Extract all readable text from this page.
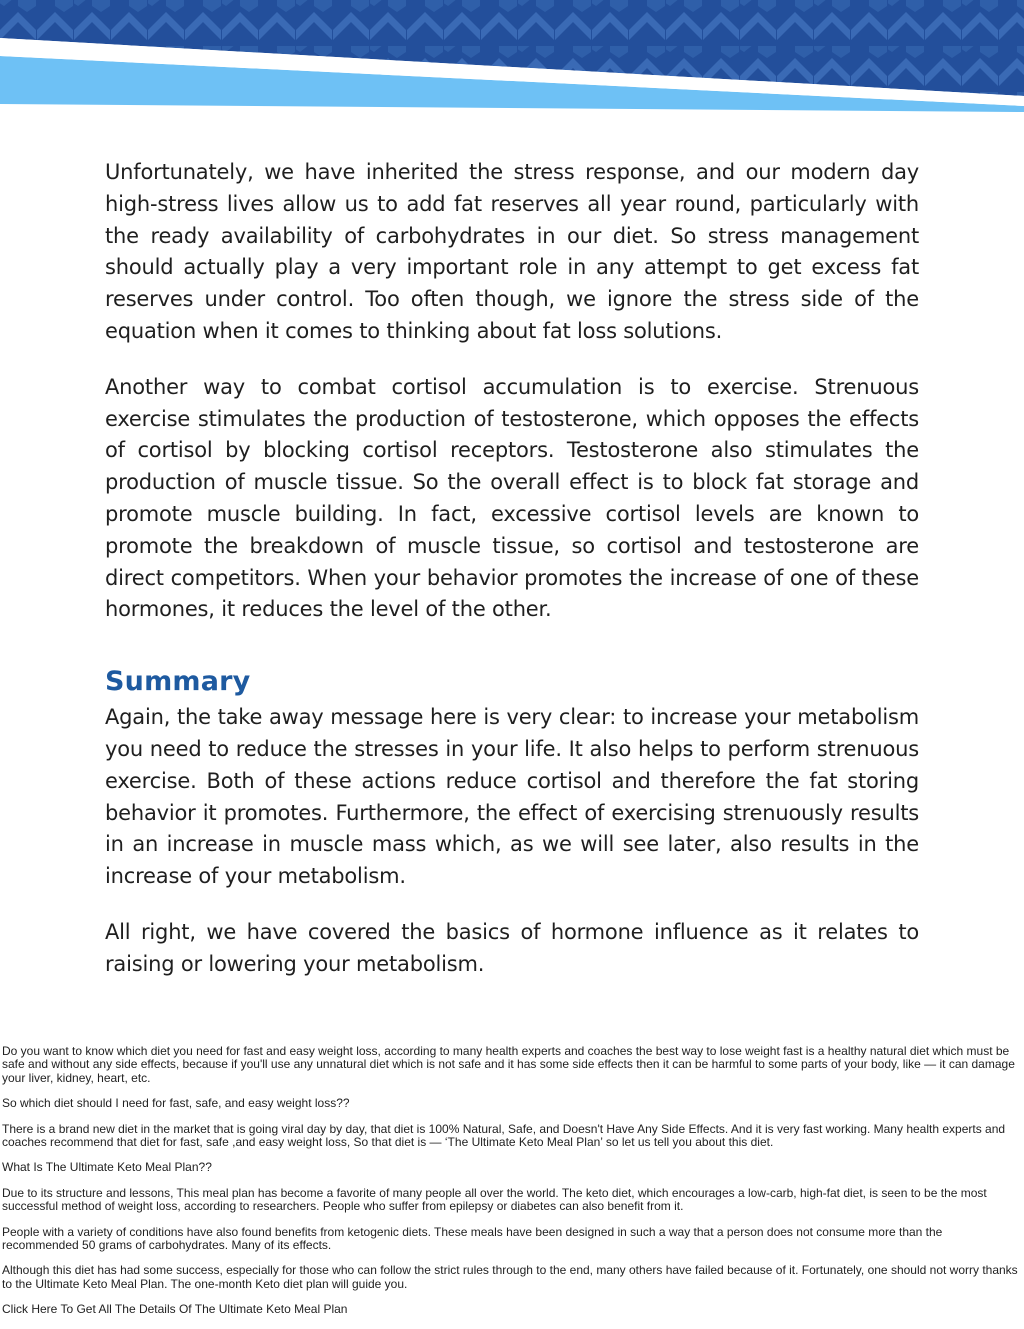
Unfortunately, we have inherited the stress response, and our modern day high-stress lives allow us to add fat reserves all year round, particularly with the ready availability of carbohydrates in our diet. So stress management should actually play a very important role in any attempt to get excess fat reserves under control. Too often though, we ignore the stress side of the equation when it comes to thinking about fat loss solutions.

Another way to combat cortisol accumulation is to exercise. Strenuous exercise stimulates the production of testosterone, which opposes the effects of cortisol by blocking cortisol receptors. Testosterone also stimulates the production of muscle tissue. So the overall effect is to block fat storage and promote muscle building. In fact, excessive cortisol levels are known to promote the breakdown of muscle tissue, so cortisol and testosterone are direct competitors. When your behavior promotes the increase of one of these hormones, it reduces the level of the other.

Summary

Again, the take away message here is very clear: to increase your metabolism you need to reduce the stresses in your life. It also helps to perform strenuous exercise. Both of these actions reduce cortisol and therefore the fat storing behavior it promotes. Furthermore, the effect of exercising strenuously results in an increase in muscle mass which, as we will see later, also results in the increase of your metabolism.

All right, we have covered the basics of hormone influence as it relates to raising or lowering your metabolism.

Do you want to know which diet you need for fast and easy weight loss, according to many health experts and coaches the best way to lose weight fast is a healthy natural diet which must be safe and without any side effects, because if you'll use any unnatural diet which is not safe and it has some side effects then it can be harmful to some parts of your body, like — it can damage your liver, kidney, heart, etc.

So which diet should I need for fast, safe, and easy weight loss??

There is a brand new diet in the market that is going viral day by day, that diet is 100% Natural, Safe, and Doesn't Have Any Side Effects. And it is very fast working. Many health experts and coaches recommend that diet for fast, safe ,and easy weight loss, So that diet is — ‘The Ultimate Keto Meal Plan’ so let us tell you about this diet.

What Is The Ultimate Keto Meal Plan??

Due to its structure and lessons, This meal plan has become a favorite of many people all over the world. The keto diet, which encourages a low-carb, high-fat diet, is seen to be the most successful method of weight loss, according to researchers. People who suffer from epilepsy or diabetes can also benefit from it.

People with a variety of conditions have also found benefits from ketogenic diets. These meals have been designed in such a way that a person does not consume more than the recommended 50 grams of carbohydrates. Many of its effects.

Although this diet has had some success, especially for those who can follow the strict rules through to the end, many others have failed because of it. Fortunately, one should not worry thanks to the Ultimate Keto Meal Plan. The one-month Keto diet plan will guide you.

Click Here To Get All The Details Of The Ultimate Keto Meal Plan
